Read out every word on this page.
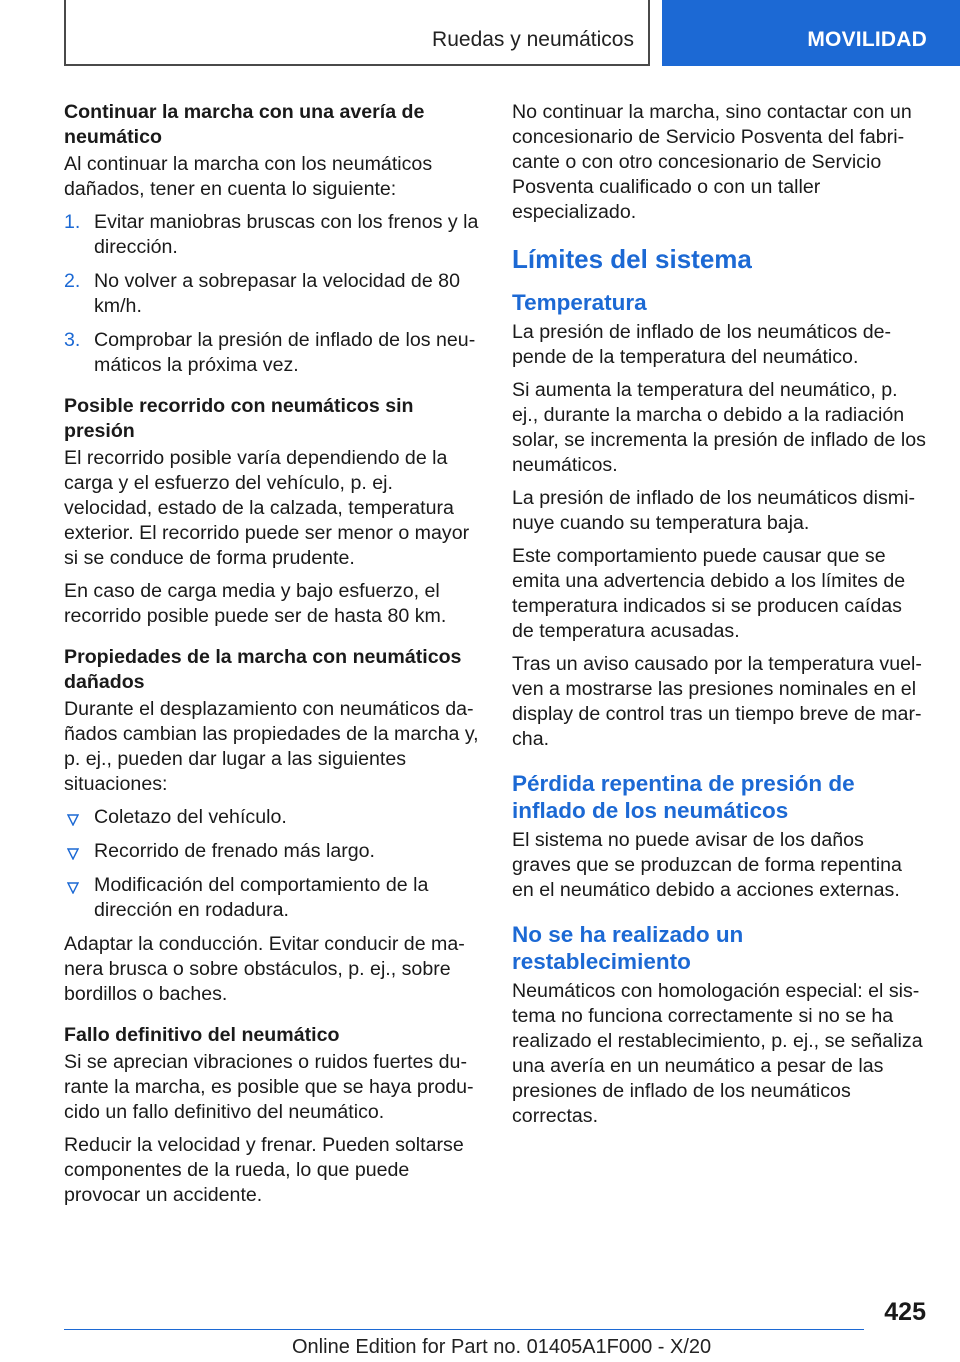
Ruedas y neumáticos	MOVILIDAD
Continuar la marcha con una avería de neumático

Al continuar la marcha con los neumáticos dañados, tener en cuenta lo siguiente:

1. Evitar maniobras bruscas con los frenos y la dirección.
2. No volver a sobrepasar la velocidad de 80 km/h.
3. Comprobar la presión de inflado de los neumáticos la próxima vez.
Posible recorrido con neumáticos sin presión

El recorrido posible varía dependiendo de la carga y el esfuerzo del vehículo, p. ej. velocidad, estado de la calzada, temperatura exterior. El recorrido puede ser menor o mayor si se conduce de forma prudente.

En caso de carga media y bajo esfuerzo, el recorrido posible puede ser de hasta 80 km.

Propiedades de la marcha con neumáticos dañados

Durante el desplazamiento con neumáticos dañados cambian las propiedades de la marcha y, p. ej., pueden dar lugar a las siguientes situaciones:

Coletazo del vehículo.
Recorrido de frenado más largo.
Modificación del comportamiento de la dirección en rodadura.

Adaptar la conducción. Evitar conducir de manera brusca o sobre obstáculos, p. ej., sobre bordillos o baches.

Fallo definitivo del neumático

Si se aprecian vibraciones o ruidos fuertes durante la marcha, es posible que se haya producido un fallo definitivo del neumático.

Reducir la velocidad y frenar. Pueden soltarse componentes de la rueda, lo que puede provocar un accidente.

No continuar la marcha, sino contactar con un concesionario de Servicio Posventa del fabricante o con otro concesionario de Servicio Posventa cualificado o con un taller especializado.

Límites del sistema
Temperatura

La presión de inflado de los neumáticos depende de la temperatura del neumático.

Si aumenta la temperatura del neumático, p. ej., durante la marcha o debido a la radiación solar, se incrementa la presión de inflado de los neumáticos.

La presión de inflado de los neumáticos disminuye cuando su temperatura baja.

Este comportamiento puede causar que se emita una advertencia debido a los límites de temperatura indicados si se producen caídas de temperatura acusadas.

Tras un aviso causado por la temperatura vuelven a mostrarse las presiones nominales en el display de control tras un tiempo breve de marcha.

Pérdida repentina de presión de inflado de los neumáticos

El sistema no puede avisar de los daños graves que se produzcan de forma repentina en el neumático debido a acciones externas.

No se ha realizado un restablecimiento

Neumáticos con homologación especial: el sistema no funciona correctamente si no se ha realizado el restablecimiento, p. ej., se señaliza una avería en un neumático a pesar de las presiones de inflado de los neumáticos correctas.

425
Online Edition for Part no. 01405A1F000 - X/20
